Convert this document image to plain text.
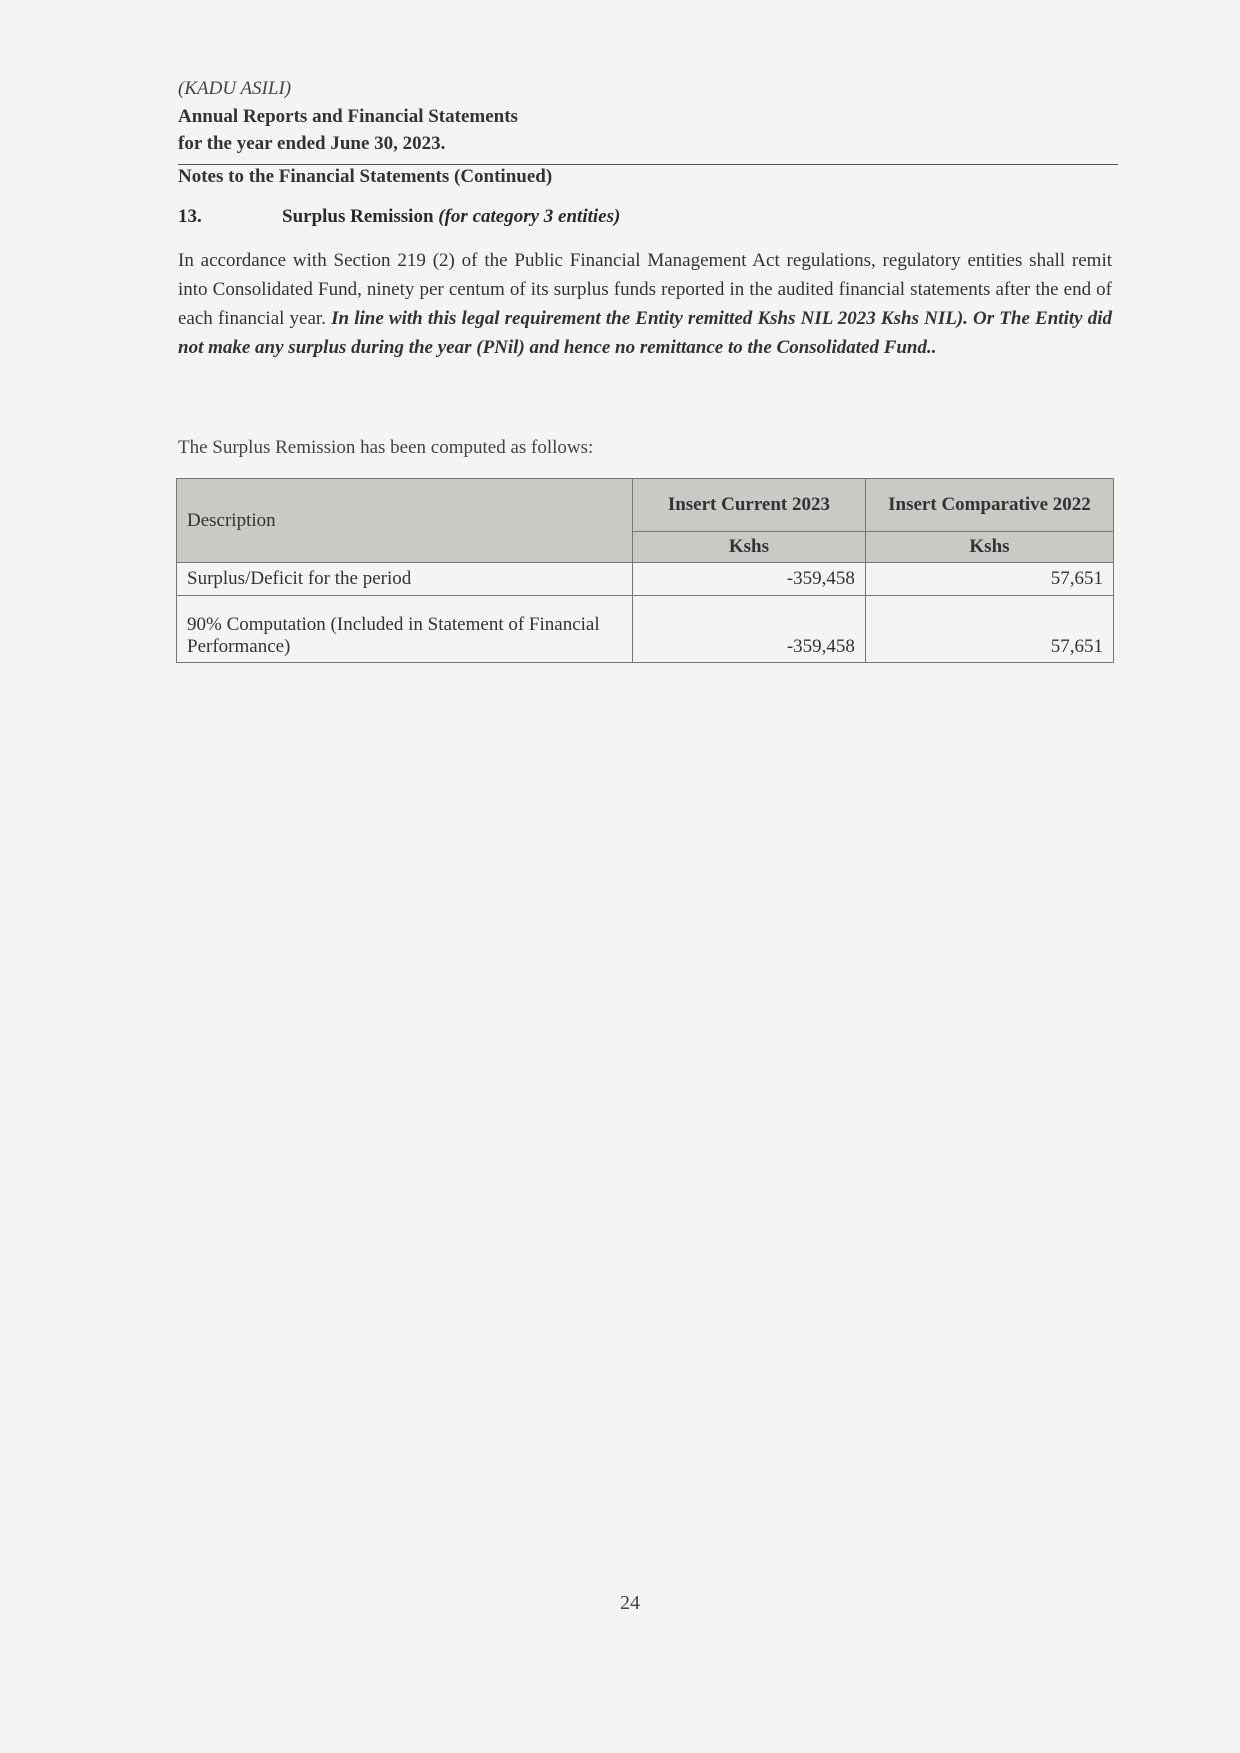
(KADU ASILI)
Annual Reports and Financial Statements
for the year ended June 30, 2023.
Notes to the Financial Statements (Continued)
13.	Surplus Remission (for category 3 entities)
In accordance with Section 219 (2) of the Public Financial Management Act regulations, regulatory entities shall remit into Consolidated Fund, ninety per centum of its surplus funds reported in the audited financial statements after the end of each financial year. In line with this legal requirement the Entity remitted Kshs NIL 2023 Kshs NIL). Or The Entity did not make any surplus during the year (PNil) and hence no remittance to the Consolidated Fund..
The Surplus Remission has been computed as follows:
Description	Insert Current 2023	Insert Comparative 2022
	Kshs	Kshs
Surplus/Deficit for the period	-359,458	57,651
90% Computation (Included in Statement of Financial Performance)	-359,458	57,651
24
